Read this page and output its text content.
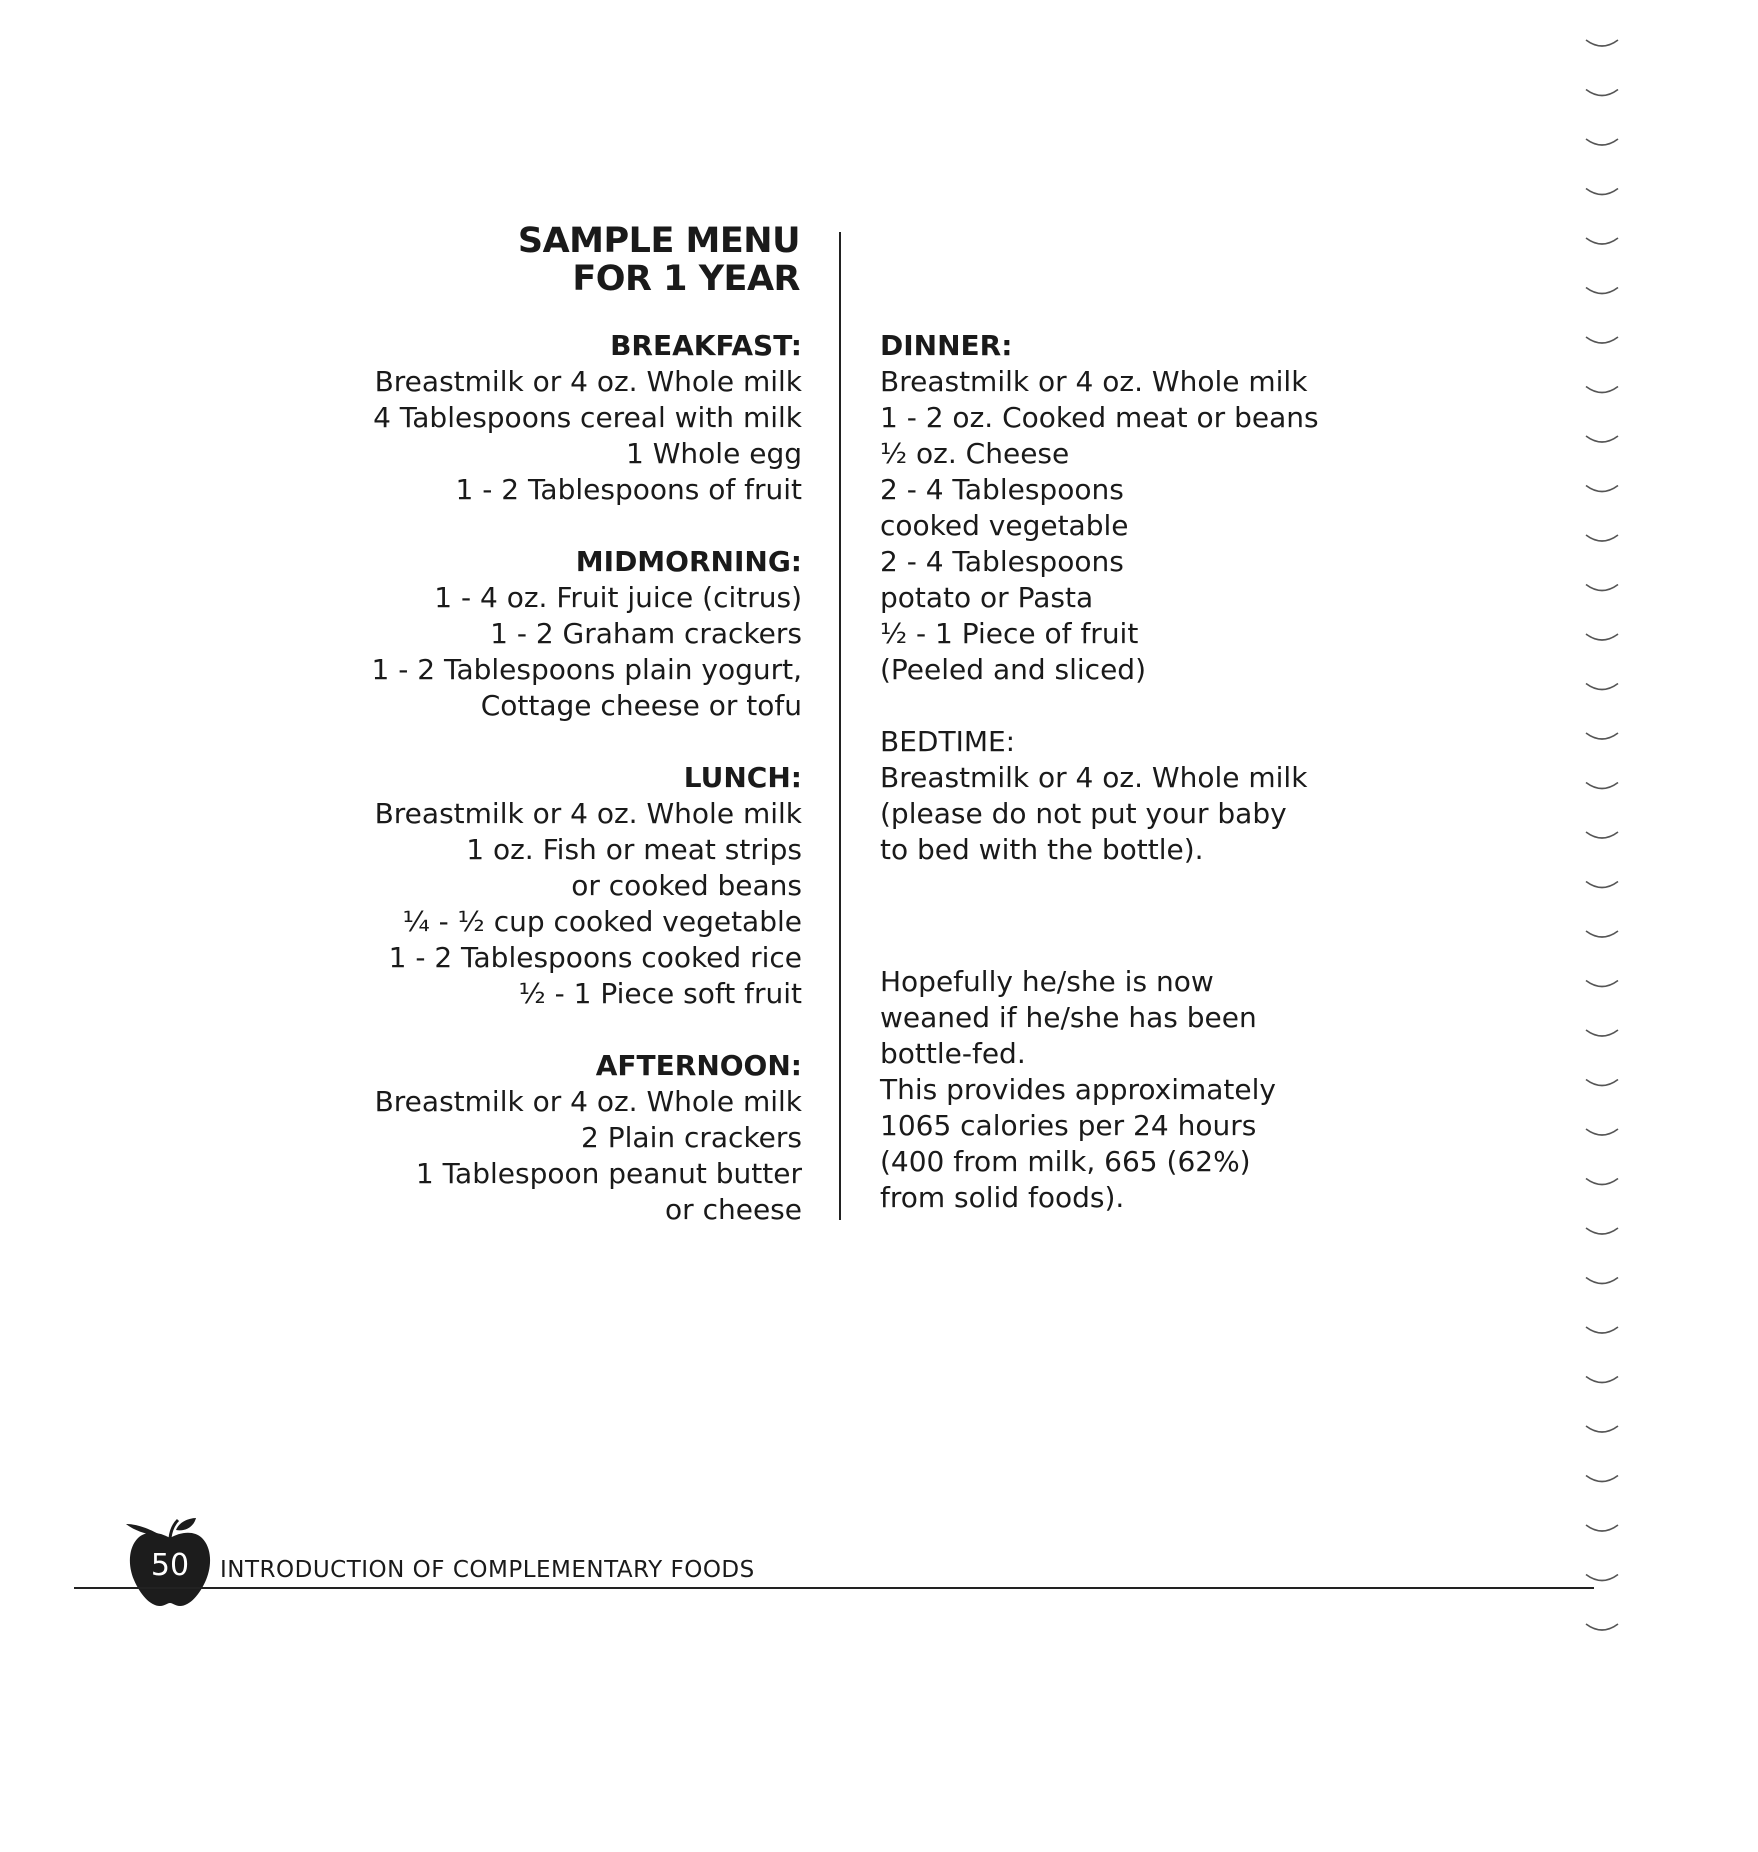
SAMPLE MENU
FOR 1 YEAR
BREAKFAST:
Breastmilk or 4 oz. Whole milk
4 Tablespoons cereal with milk
1 Whole egg
1 - 2 Tablespoons of fruit
MIDMORNING:
1 - 4 oz. Fruit juice (citrus)
1 - 2 Graham crackers
1 - 2 Tablespoons plain yogurt,
Cottage cheese or tofu
LUNCH:
Breastmilk or 4 oz. Whole milk
1 oz. Fish or meat strips
or cooked beans
¼ - ½ cup cooked vegetable
1 - 2 Tablespoons cooked rice
½ - 1 Piece soft fruit
AFTERNOON:
Breastmilk or 4 oz. Whole milk
2 Plain crackers
1 Tablespoon peanut butter
or cheese
DINNER:
Breastmilk or 4 oz. Whole milk
1 - 2 oz. Cooked meat or beans
½ oz. Cheese
2 - 4 Tablespoons
cooked vegetable
2 - 4 Tablespoons
potato or Pasta
½ - 1 Piece of fruit
(Peeled and sliced)
BEDTIME:
Breastmilk or 4 oz. Whole milk
(please do not put your baby
to bed with the bottle).
Hopefully he/she is now
weaned if he/she has been
bottle-fed.
This provides approximately
1065 calories per 24 hours
(400 from milk, 665 (62%)
from solid foods).
50	INTRODUCTION OF COMPLEMENTARY FOODS
